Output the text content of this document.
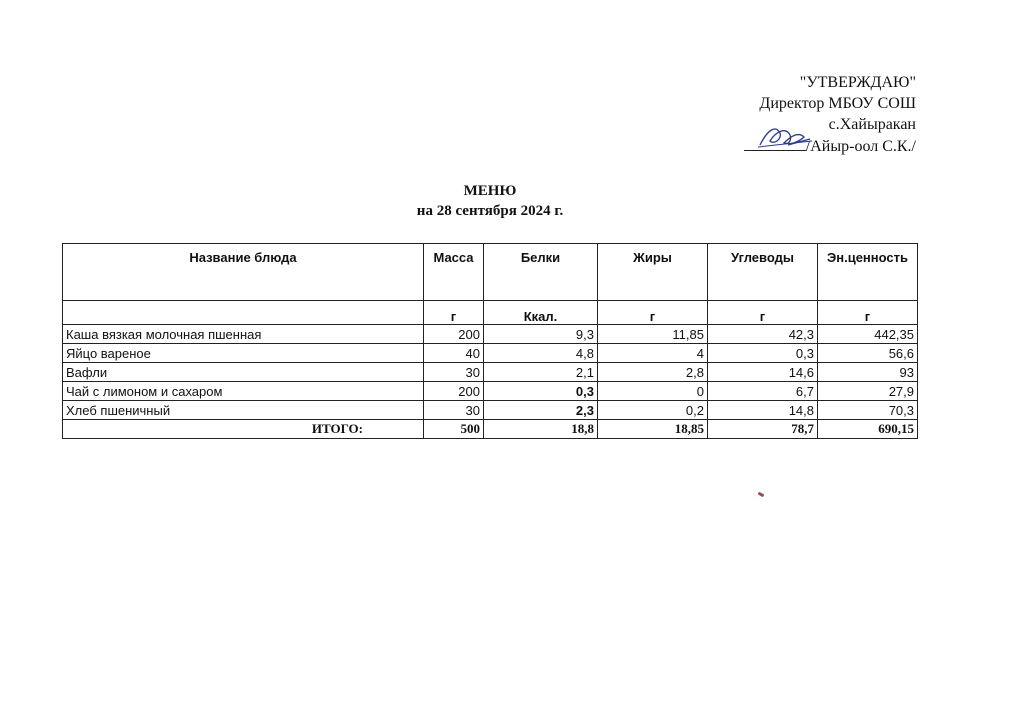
"УТВЕРЖДАЮ"
Директор МБОУ СОШ
с.Хайыракан
/Айыр-оол С.К./
МЕНЮ
на 28 сентября 2024 г.
Название блюда	Масса	Белки	Жиры	Углеводы	Эн.ценность
	г	Ккал.	г	г	г
Каша вязкая молочная пшенная	200	9,3	11,85	42,3	442,35
Яйцо вареное	40	4,8	4	0,3	56,6
Вафли	30	2,1	2,8	14,6	93
Чай с лимоном и сахаром	200	0,3	0	6,7	27,9
Хлеб пшеничный	30	2,3	0,2	14,8	70,3
ИТОГО:	500	18,8	18,85	78,7	690,15
